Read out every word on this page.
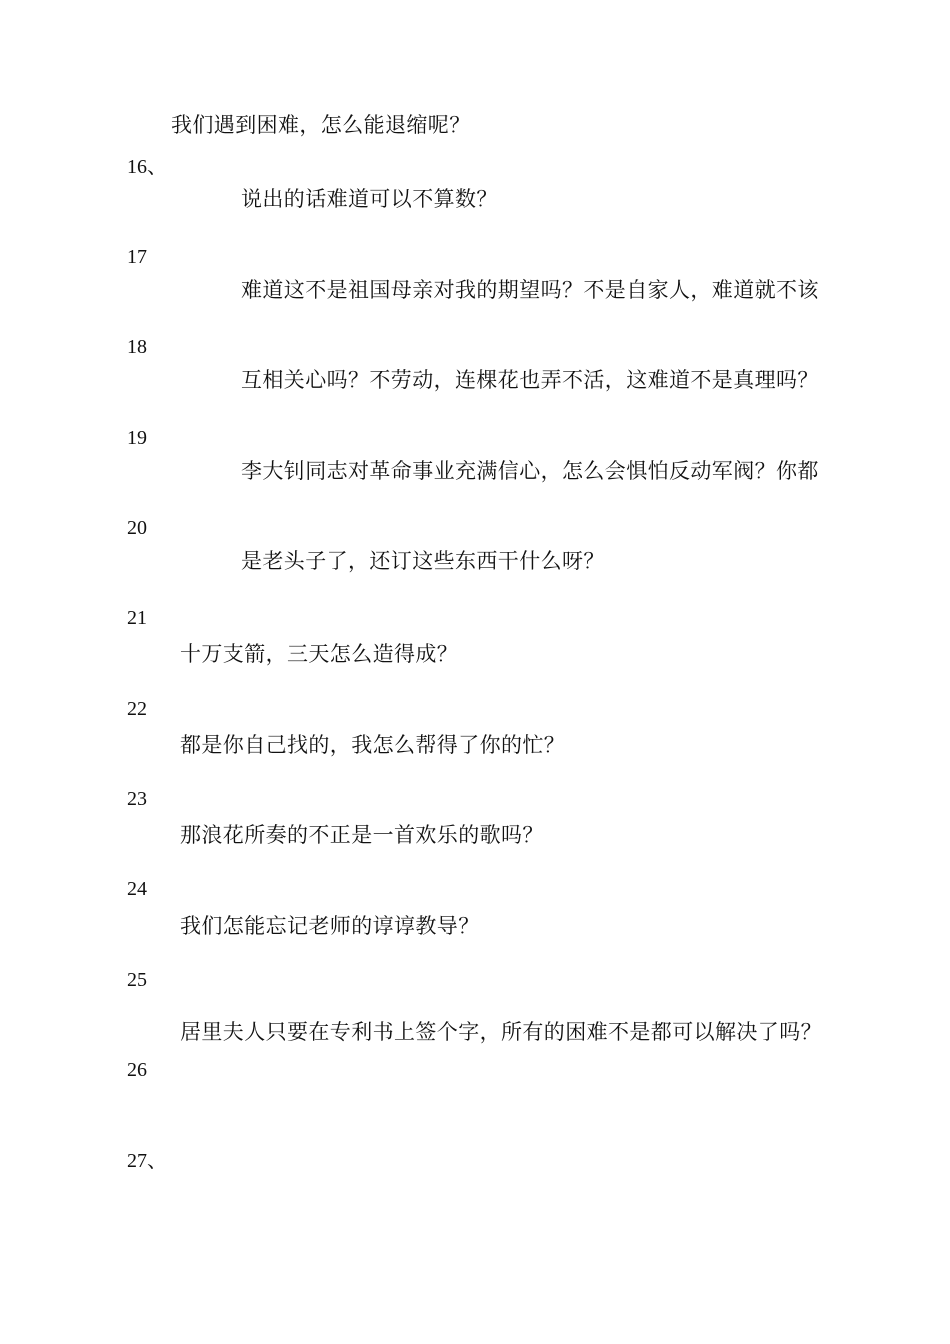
我们遇到困难，怎么能退缩呢？
16、
说出的话难道可以不算数？
17
难道这不是祖国母亲对我的期望吗？不是自家人，难道就不该
18
互相关心吗？不劳动，连棵花也弄不活，这难道不是真理吗？
19
李大钊同志对革命事业充满信心，怎么会惧怕反动军阀？你都
20
是老头子了，还订这些东西干什么呀？
21
十万支箭，三天怎么造得成？
22
都是你自己找的，我怎么帮得了你的忙？
23
那浪花所奏的不正是一首欢乐的歌吗？
24
我们怎能忘记老师的谆谆教导？
25
居里夫人只要在专利书上签个字，所有的困难不是都可以解决了吗？
26
27、
